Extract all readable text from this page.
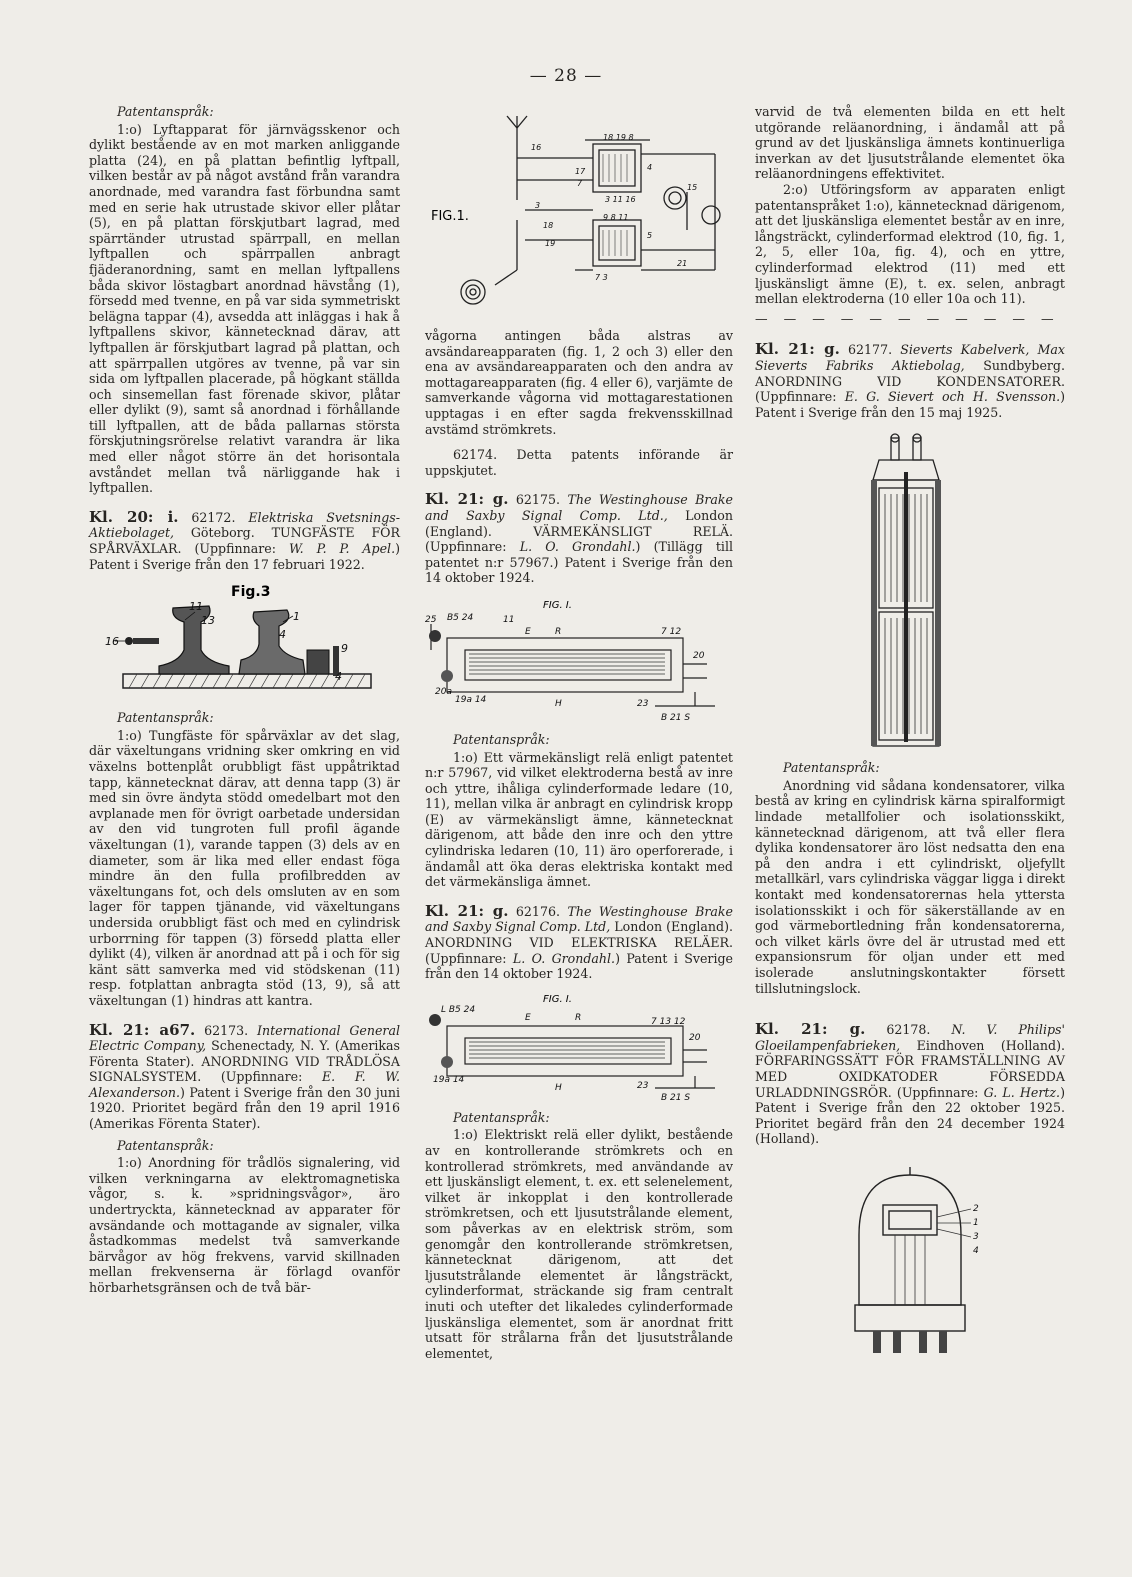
— 28 —

Patentanspråk:

1:o) Lyftapparat för järnvägsskenor och dylikt bestående av en mot marken anliggande platta (24), en på plattan befintlig lyftpall, vilken består av på något avstånd från varandra anordnade, med varandra fast förbundna samt med en serie hak utrustade skivor eller plåtar (5), en på plattan förskjutbart lagrad, med spärrtänder utrustad spärrpall, en mellan lyftpallen och spärrpallen anbragt fjäderanordning, samt en mellan lyftpallens båda skivor löstagbart anordnad hävstång (1), försedd med tvenne, en på var sida symmetriskt belägna tappar (4), avsedda att inläggas i hak å lyftpallens skivor, kännetecknad därav, att lyftpallen är förskjutbart lagrad på plattan, och att spärrpallen utgöres av tvenne, på var sin sida om lyftpallen placerade, på högkant ställda och sinsemellan fast förenade skivor, plåtar eller dylikt (9), samt så anordnad i förhållande till lyftpallen, att de båda pallarnas största förskjutningsrörelse relativt varandra är lika med eller något större än det horisontala avståndet mellan två närliggande hak i lyftpallen.

Kl. 20: i. 62172. Elektriska Svetsnings-Aktiebolaget, Göteborg. TUNGFÄSTE FÖR SPÅRVÄXLAR. (Uppfinnare: W. P. P. Apel.) Patent i Sverige från den 17 februari 1922.

Fig.3
16
11
13	1
4
9
4

Patentanspråk:

1:o) Tungfäste för spårväxlar av det slag, där växeltungans vridning sker omkring en vid växelns bottenplåt orubbligt fäst uppåtriktad tapp, kännetecknat därav, att denna tapp (3) är med sin övre ändyta stödd omedelbart mot den avplanade men för övrigt oarbetade undersidan av den vid tungroten full profil ägande växeltungan (1), varande tappen (3) dels av en diameter, som är lika med eller endast föga mindre än den fulla profilbredden av växeltungans fot, och dels omsluten av en som lager för tappen tjänande, vid växeltungans undersida orubbligt fäst och med en cylindrisk urborrning för tappen (3) försedd platta eller dylikt (4), vilken är anordnad att på i och för sig känt sätt samverka med vid stödskenan (11) resp. fotplattan anbragta stöd (13, 9), så att växeltungan (1) hindras att kantra.

Kl. 21: a67. 62173. International General Electric Company, Schenectady, N. Y. (Amerikas Förenta Stater). ANORDNING VID TRÅDLÖSA SIGNALSYSTEM. (Uppfinnare: E. F. W. Alexanderson.) Patent i Sverige från den 30 juni 1920. Prioritet begärd från den 19 april 1916 (Amerikas Förenta Stater).

Patentanspråk:

1:o) Anordning för trådlös signalering, vid vilken verkningarna av elektromagnetiska vågor, s. k. »spridningsvågor», äro undertryckta, kännetecknad av apparater för avsändande och mottagande av signaler, vilka åstadkommas medelst två samverkande bärvågor av hög frekvens, varvid skillnaden mellan frekvenserna är förlagd ovanför hörbarhetsgränsen och de två bär-

FIG.1.
16
18 19 8
4
17
7
3 11 16
15
3
18
9 8 11
5
21
19
7 3

vågorna antingen båda alstras av avsändareapparaten (fig. 1, 2 och 3) eller den ena av avsändareapparaten och den andra av mottagareapparaten (fig. 4 eller 6), varjämte de samverkande vågorna vid mottagarestationen upptagas i en efter sagda frekvensskillnad avstämd strömkrets.

62174. Detta patents införande är uppskjutet.

Kl. 21: g. 62175. The Westinghouse Brake and Saxby Signal Comp. Ltd., London (England). VÄRMEKÄNSLIGT RELÄ. (Uppfinnare: L. O. Grondahl.) (Tillägg till patentet n:r 57967.) Patent i Sverige från den 14 oktober 1924.

FIG. I.
25 B5 24	11
E	R	7 12
20
20a
19a 14	H	23
B 21 S

Patentanspråk:

1:o) Ett värmekänsligt relä enligt patentet n:r 57967, vid vilket elektroderna bestå av inre och yttre, ihåliga cylinderformade ledare (10, 11), mellan vilka är anbragt en cylindrisk kropp (E) av värmekänsligt ämne, kännetecknat därigenom, att både den inre och den yttre cylindriska ledaren (10, 11) äro operforerade, i ändamål att öka deras elektriska kontakt med det värmekänsliga ämnet.

Kl. 21: g. 62176. The Westinghouse Brake and Saxby Signal Comp. Ltd, London (England). ANORDNING VID ELEKTRISKA RELÄER. (Uppfinnare: L. O. Grondahl.) Patent i Sverige från den 14 oktober 1924.

FIG. I.
L B5 24
E	R	7 13 12
20
19a 14
H	23
B 21 S

Patentanspråk:

1:o) Elektriskt relä eller dylikt, bestående av en kontrollerande strömkrets och en kontrollerad strömkrets, med användande av ett ljuskänsligt element, t. ex. ett selenelement, vilket är inkopplat i den kontrollerade strömkretsen, och ett ljusutstrålande element, som påverkas av en elektrisk ström, som genomgår den kontrollerande strömkretsen, kännetecknat därigenom, att det ljusutstrålande elementet är långsträckt, cylinderformat, sträckande sig fram centralt inuti och utefter det likaledes cylinderformade ljuskänsliga elementet, som är anordnat fritt utsatt för strålarna från det ljusutstrålande elementet,

varvid de två elementen bilda en ett helt utgörande reläanordning, i ändamål att på grund av det ljuskänsliga ämnets kontinuerliga inverkan av det ljusutstrålande elementet öka reläanordningens effektivitet.

2:o) Utföringsform av apparaten enligt patentanspråket 1:o), kännetecknad därigenom, att det ljuskänsliga elementet består av en inre, långsträckt, cylinderformad elektrod (10, fig. 1, 2, 5, eller 10a, fig. 4), och en yttre, cylinderformad elektrod (11) med ett ljuskänsligt ämne (E), t. ex. selen, anbragt mellan elektroderna (10 eller 10a och 11).

— — — — — — — — — — —

Kl. 21: g. 62177. Sieverts Kabelverk, Max Sieverts Fabriks Aktiebolag, Sundbyberg. ANORDNING VID KONDENSATORER. (Uppfinnare: E. G. Sievert och H. Svensson.) Patent i Sverige från den 15 maj 1925.

Patentanspråk:

Anordning vid sådana kondensatorer, vilka bestå av kring en cylindrisk kärna spiralformigt lindade metallfolier och isolationsskikt, kännetecknad därigenom, att två eller flera dylika kondensatorer äro löst nedsatta den ena på den andra i ett cylindriskt, oljefyllt metallkärl, vars cylindriska väggar ligga i direkt kontakt med kondensatorernas hela yttersta isolationsskikt i och för säkerställande av en god värmebortledning från kondensatorerna, och vilket kärls övre del är utrustad med ett expansionsrum för oljan under ett med isolerade anslutningskontakter försett tillslutningslock.

Kl. 21: g. 62178. N. V. Philips' Gloeilampenfabrieken, Eindhoven (Holland). FÖRFARINGSSÄTT FÖR FRAMSTÄLLNING AV MED OXIDKATODER FÖRSEDDA URLADDNINGSRÖR. (Uppfinnare: G. L. Hertz.) Patent i Sverige från den 22 oktober 1925. Prioritet begärd från den 24 december 1924 (Holland).

2
1
3
4
